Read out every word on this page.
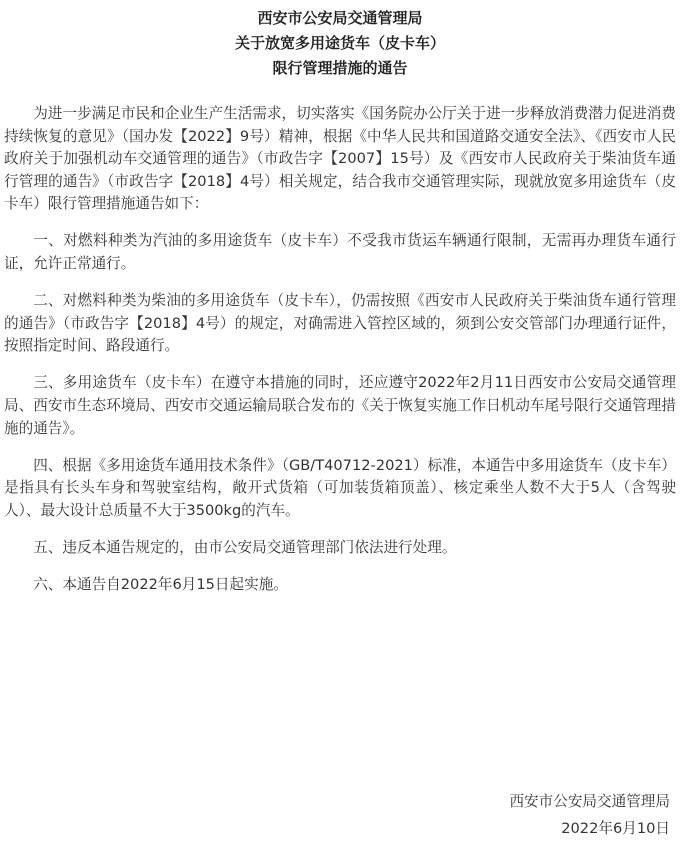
西安市公安局交通管理局
关于放宽多用途货车（皮卡车）
限行管理措施的通告

为进一步满足市民和企业生产生活需求，切实落实《国务院办公厅关于进一步释放消费潜力促进消费持续恢复的意见》（国办发【2022】9号）精神，根据《中华人民共和国道路交通安全法》、《西安市人民政府关于加强机动车交通管理的通告》（市政告字【2007】15号）及《西安市人民政府关于柴油货车通行管理的通告》（市政告字【2018】4号）相关规定，结合我市交通管理实际，现就放宽多用途货车（皮卡车）限行管理措施通告如下：

一、对燃料种类为汽油的多用途货车（皮卡车）不受我市货运车辆通行限制，无需再办理货车通行证，允许正常通行。

二、对燃料种类为柴油的多用途货车（皮卡车），仍需按照《西安市人民政府关于柴油货车通行管理的通告》（市政告字【2018】4号）的规定，对确需进入管控区域的，须到公安交管部门办理通行证件，按照指定时间、路段通行。

三、多用途货车（皮卡车）在遵守本措施的同时，还应遵守2022年2月11日西安市公安局交通管理局、西安市生态环境局、西安市交通运输局联合发布的《关于恢复实施工作日机动车尾号限行交通管理措施的通告》。

四、根据《多用途货车通用技术条件》（GB/T40712-2021）标准，本通告中多用途货车（皮卡车）是指具有长头车身和驾驶室结构，敞开式货箱（可加装货箱顶盖）、核定乘坐人数不大于5人（含驾驶人）、最大设计总质量不大于3500kg的汽车。

五、违反本通告规定的，由市公安局交通管理部门依法进行处理。

六、本通告自2022年6月15日起实施。

西安市公安局交通管理局
2022年6月10日
